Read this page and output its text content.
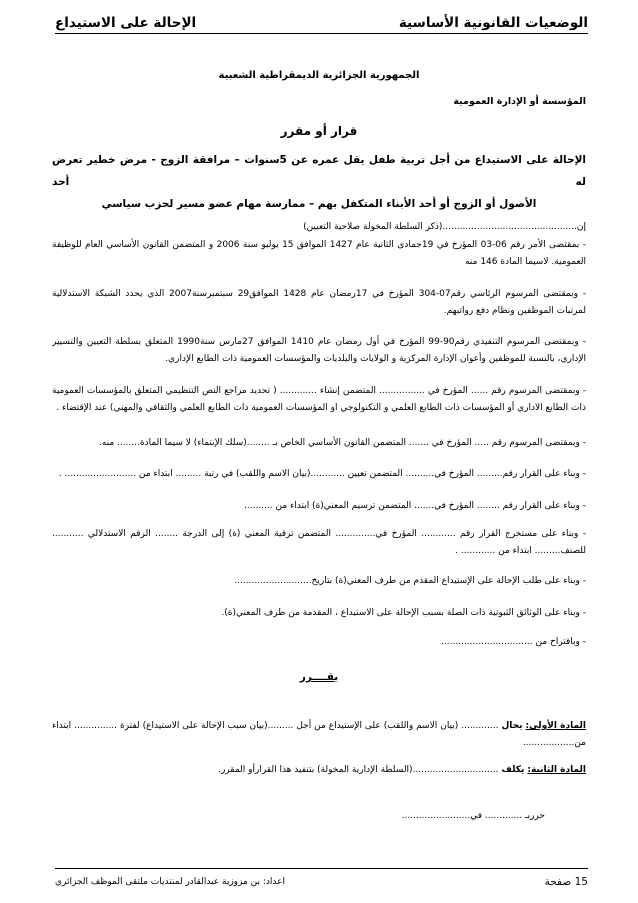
الوضعيات القانونية الأساسية
الإحالة على الاستيداع
الجمهورية الجزائرية الديمقراطية الشعبية
المؤسسة أو الإدارة العمومية
قرار أو مقرر
الإحالة على الاستيداع من أجل تربية طفل يقل عمره عن 5سنوات – مرافقة الزوج - مرض خطير تعرض له أحد
الأصول أو الزوج أو أحد الأبناء المتكفل بهم – ممارسة مهام عضو مسير لحزب سياسي
إن...............................................(ذكر السلطة المخولة صلاحية التعيين)
- بمقتضى الأمر رقم 06-03 المؤرخ في 19جمادى الثانية عام 1427 الموافق 15 يوليو سنة 2006 و المتضمن القانون الأساسي العام للوظيفة العمومية. لاسيما المادة 146 منه
- وبمقتضى المرسوم الرئاسي رقم07-304 المؤرخ في 17رمضان عام 1428 الموافق29 سبتمبرسنة2007 الذي يحدد الشبكة الاستدلالية لمرتبات الموظفين ونظام دفع رواتبهم.
- وبمقتضى المرسوم التنفيذي رقم90-99 المؤرخ في أول رمضان عام 1410 الموافق 27مارس سنة1990 المتعلق بسلطة التعيين والتسيير الإداري، بالنسبة للموظفين وأعوان الإدارة المركزية و الولايات والبلديات والمؤسسات العمومية ذات الطابع الإداري.
- وبمقتضى المرسوم رقم ...... المؤرخ في ................ المتضمن إنشاء ............. ( تحديد مراجع النص التنظيمي المتعلق بالمؤسسات العمومية ذات الطابع الاداري أو المؤسسات ذات الطابع العلمي و التكنولوجي او المؤسسات العمومية ذات الطابع العلمي والثقافي والمهني) عند الإقتضاء .
- وبمقتضى المرسوم رقم ..... المؤرخ في ....... المتضمن القانون الأساسي الخاص بـ ........(سلك الإنتماء) لا سيما المادة........ منه.
- وبناء على القرار رقم......... المؤرخ في.......... المتضمن تعيين ............(بيان الاسم واللقب) في رتبة ......... ابتداء من ......................... .
- وبناء على القرار رقم ........ المؤرخ في....... المتضمن ترسيم المعني(ة) ابتداء من ..........
- وبناء على مستخرج القرار رقم ............ المؤرخ في.............. المتضمن ترقية المعني (ة) إلى الدرجة ........ الرقم الاستدلالي ........... للصنف......... ابتداء من ............ .
- وبناء على طلب الإحالة على الإستيداع المقدم من طرف المعني(ة) بتاريخ...........................
- وبناء على الوثائق الثبوتية ذات الصلة بسبب الإحالة على الاستيداع ، المقدمة من طرف المعني(ة).
- وباقتراح من ................................
يقــــرر
المادة الأولى:يحال............. (بيان الاسم واللقب) على الإستيداع من أجل .........(بيان سبب الإحالة على الاستيداع) لفترة ............... ابتداء من..................
المادة الثانية:يكلف..............................(السلطة الإدارية المخولة) بتنفيذ هذا القرارأو المقرر.
حرربـ ............. في........................
15 صفحة
اعداد: بن مزوزية عبدالقادر لمنتديات ملتقى الموظف الجزائري
